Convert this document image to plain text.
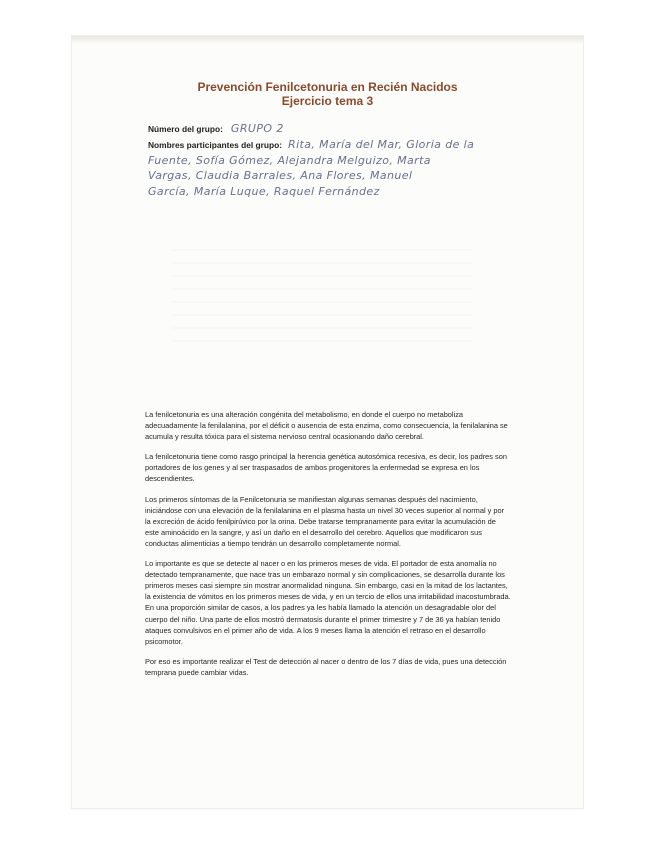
Prevención Fenilcetonuria en Recién Nacidos
Ejercicio tema 3
Número del grupo: GRUPO 2
Nombres participantes del grupo: Rita, María del Mar, Gloria de la
Fuente, Sofía Gómez, Alejandra Melguizo, Marta
Vargas, Claudia Barrales, Ana Flores, Manuel
García, María Luque, Raquel Fernández

La fenilcetonuria es una alteración congénita del metabolismo, en donde el cuerpo no metaboliza adecuadamente la fenilalanina, por el déficit o ausencia de esta enzima, como consecuencia, la fenilalanina se acumula y resulta tóxica para el sistema nervioso central ocasionando daño cerebral.

La fenilcetonuria tiene como rasgo principal la herencia genética autosómica recesiva, es decir, los padres son portadores de los genes y al ser traspasados de ambos progenitores la enfermedad se expresa en los descendientes.

Los primeros síntomas de la Fenilcetonuria se manifiestan algunas semanas después del nacimiento, iniciándose con una elevación de la fenilalanina en el plasma hasta un nivel 30 veces superior al normal y por la excreción de ácido fenilpirúvico por la orina. Debe tratarse tempranamente para evitar la acumulación de este aminoácido en la sangre, y así un daño en el desarrollo del cerebro. Aquellos que modificaron sus conductas alimenticias a tiempo tendrán un desarrollo completamente normal.

Lo importante es que se detecte al nacer o en los primeros meses de vida. El portador de esta anomalía no detectado tempranamente, que nace tras un embarazo normal y sin complicaciones, se desarrolla durante los primeros meses casi siempre sin mostrar anormalidad ninguna. Sin embargo, casi en la mitad de los lactantes, la existencia de vómitos en los primeros meses de vida, y en un tercio de ellos una irritabilidad inacostumbrada. En una proporción similar de casos, a los padres ya les había llamado la atención un desagradable olor del cuerpo del niño. Una parte de ellos mostró dermatosis durante el primer trimestre y 7 de 36 ya habían tenido ataques convulsivos en el primer año de vida. A los 9 meses llama la atención el retraso en el desarrollo psicomotor.

Por eso es importante realizar el Test de detección al nacer o dentro de los 7 días de vida, pues una detección temprana puede cambiar vidas.
